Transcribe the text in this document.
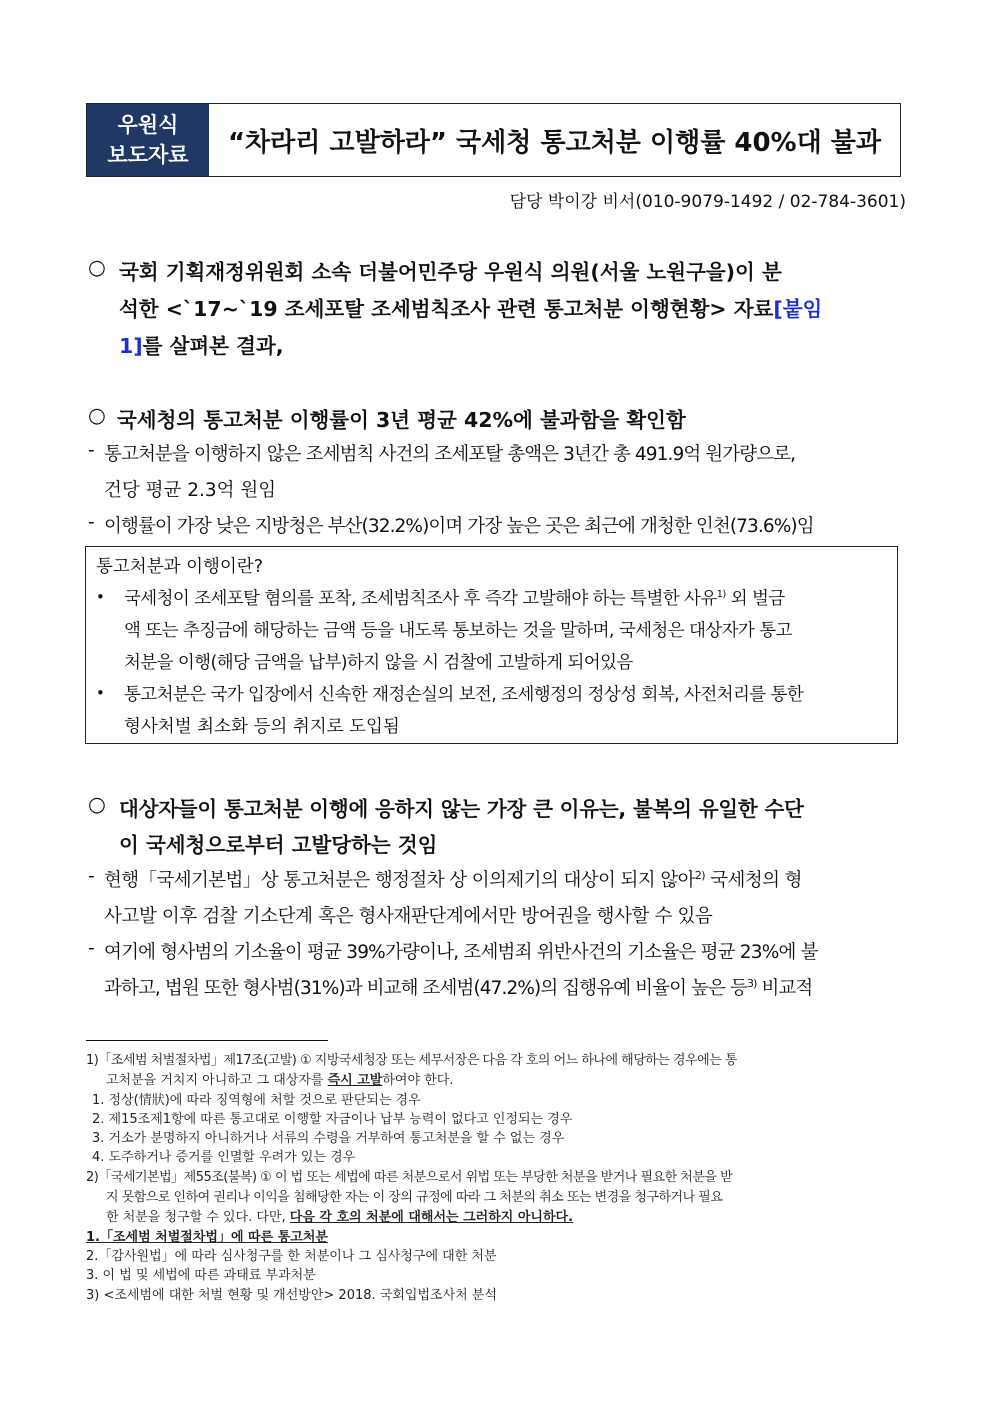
우원식
보도자료	“차라리 고발하라” 국세청 통고처분 이행률 40%대 불과
담당 박이강 비서(010-9079-1492 / 02-784-3601)
○ 국회 기획재정위원회 소속 더불어민주당 우원식 의원(서울 노원구을)이 분
석한 <`17~`19 조세포탈 조세범칙조사 관련 통고처분 이행현황> 자료[붙임
1]를 살펴본 결과,
○ 국세청의 통고처분 이행률이 3년 평균 42%에 불과함을 확인함
- 통고처분을 이행하지 않은 조세범칙 사건의 조세포탈 총액은 3년간 총 491.9억 원가량으로,
건당 평균 2.3억 원임
- 이행률이 가장 낮은 지방청은 부산(32.2%)이며 가장 높은 곳은 최근에 개청한 인천(73.6%)임
통고처분과 이행이란?
• 국세청이 조세포탈 혐의를 포착, 조세범칙조사 후 즉각 고발해야 하는 특별한 사유$^{1)}$ 외 벌금
액 또는 추징금에 해당하는 금액 등을 내도록 통보하는 것을 말하며, 국세청은 대상자가 통고
처분을 이행(해당 금액을 납부)하지 않을 시 검찰에 고발하게 되어있음
• 통고처분은 국가 입장에서 신속한 재정손실의 보전, 조세행정의 정상성 회복, 사전처리를 통한
형사처벌 최소화 등의 취지로 도입됨
○ 대상자들이 통고처분 이행에 응하지 않는 가장 큰 이유는, 불복의 유일한 수단
이 국세청으로부터 고발당하는 것임
- 현행「국세기본법」상 통고처분은 행정절차 상 이의제기의 대상이 되지 않아$^{2)}$ 국세청의 형
사고발 이후 검찰 기소단계 혹은 형사재판단계에서만 방어권을 행사할 수 있음
- 여기에 형사범의 기소율이 평균 39%가량이나, 조세범죄 위반사건의 기소율은 평균 23%에 불
과하고, 법원 또한 형사범(31%)과 비교해 조세범(47.2%)의 집행유예 비율이 높은 등$^{3)}$ 비교적
1)「조세범 처벌절차법」제17조(고발) ① 지방국세청장 또는 세무서장은 다음 각 호의 어느 하나에 해당하는 경우에는 통
고처분을 거치지 아니하고 그 대상자를 즉시 고발하여야 한다.
1. 정상(情狀)에 따라 징역형에 처할 것으로 판단되는 경우
2. 제15조제1항에 따른 통고대로 이행할 자금이나 납부 능력이 없다고 인정되는 경우
3. 거소가 분명하지 아니하거나 서류의 수령을 거부하여 통고처분을 할 수 없는 경우
4. 도주하거나 증거를 인멸할 우려가 있는 경우
2)「국세기본법」제55조(불복) ① 이 법 또는 세법에 따른 처분으로서 위법 또는 부당한 처분을 받거나 필요한 처분을 받
지 못함으로 인하여 권리나 이익을 침해당한 자는 이 장의 규정에 따라 그 처분의 취소 또는 변경을 청구하거나 필요
한 처분을 청구할 수 있다. 다만, 다음 각 호의 처분에 대해서는 그러하지 아니하다.
1.「조세범 처벌절차법」에 따른 통고처분
2.「감사원법」에 따라 심사청구를 한 처분이나 그 심사청구에 대한 처분
3. 이 법 및 세법에 따른 과태료 부과처분
3) <조세범에 대한 처벌 현황 및 개선방안> 2018. 국회입법조사처 분석
